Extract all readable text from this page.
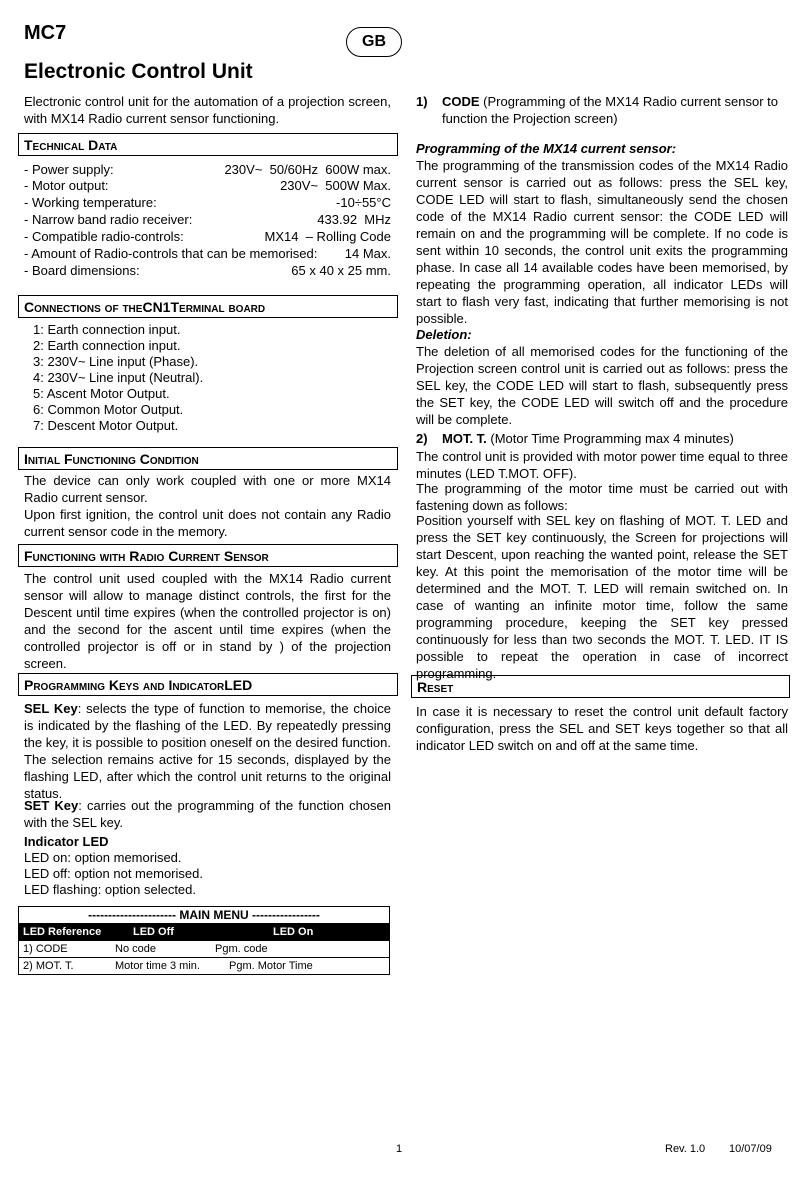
MC7	GB
Electronic Control Unit
Electronic control unit for the automation of a projection screen, with MX14 Radio current sensor functioning.
Technical Data
- Power supply:	230V~  50/60Hz  600W max.
- Motor output:	230V~  500W Max.
- Working temperature:	-10÷55°C
- Narrow band radio receiver:	433.92  MHz
- Compatible radio-controls:	MX14  – Rolling Code
- Amount of Radio-controls that can be memorised: 14 Max.
- Board dimensions:	65 x 40 x 25 mm.
Connections of the CN1 Terminal board
1: Earth connection input.
2: Earth connection input.
3: 230V~ Line input (Phase).
4: 230V~ Line input (Neutral).
5: Ascent Motor Output.
6: Common Motor Output.
7: Descent Motor Output.
Initial Functioning Condition
The device can only work coupled with one or more MX14 Radio current sensor.
Upon first ignition, the control unit does not contain any Radio current sensor code in the memory.
Functioning with Radio Current Sensor
The control unit used coupled with the MX14 Radio current sensor will allow to manage distinct controls, the first for the Descent until time expires (when the controlled projector is on) and the second for the ascent until time expires (when the controlled projector is off or in stand by ) of the projection screen.
Programming Keys and Indicator LED
SEL Key: selects the type of function to memorise, the choice is indicated by the flashing of the LED. By repeatedly pressing the key, it is possible to position oneself on the desired function. The selection remains active for 15 seconds, displayed by the flashing LED, after which the control unit returns to the original status.
SET Key: carries out the programming of the function chosen with the SEL key.
Indicator LED
LED on: option memorised.
LED off: option not memorised.
LED flashing: option selected.
---------------------- MAIN MENU -----------------

LED Reference	LED Off	LED On

1) CODE	No code	Pgm. code

2) MOT. T.	Motor time 3 min.	Pgm. Motor Time
1)	CODE (Programming of the MX14 Radio current sensor to function the Projection screen)
Programming of the MX14 current sensor:
The programming of the transmission codes of the MX14 Radio current sensor is carried out as follows: press the SEL key, CODE LED will start to flash, simultaneously send the chosen code of the MX14 Radio current sensor: the CODE LED will remain on and the programming will be complete. If no code is sent within 10 seconds, the control unit exits the programming phase. In case all 14 available codes have been memorised, by repeating the programming operation, all indicator LEDs will start to flash very fast, indicating that further memorising is not possible.
Deletion:
The deletion of all memorised codes for the functioning of the Projection screen control unit is carried out as follows: press the SEL key, the CODE LED will start to flash, subsequently press the SET key, the CODE LED will switch off and the procedure will be complete.
2)	MOT. T. (Motor Time Programming max 4 minutes)
The control unit is provided with motor power time equal to three minutes (LED T.MOT. OFF).
The programming of the motor time must be carried out with fastening down as follows:
Position yourself with SEL key on flashing of MOT. T. LED and press the SET key continuously, the Screen for projections will start Descent, upon reaching the wanted point, release the SET key. At this point the memorisation of the motor time will be determined and the MOT. T. LED will remain switched on. In case of wanting an infinite motor time, follow the same programming procedure, keeping the SET key pressed continuously for less than two seconds the MOT. T. LED. IT IS possible to repeat the operation in case of incorrect programming.
Reset
In case it is necessary to reset the control unit default factory configuration, press the SEL and SET keys together so that all indicator LED switch on and off at the same time.
1	Rev. 1.0 10/07/09
